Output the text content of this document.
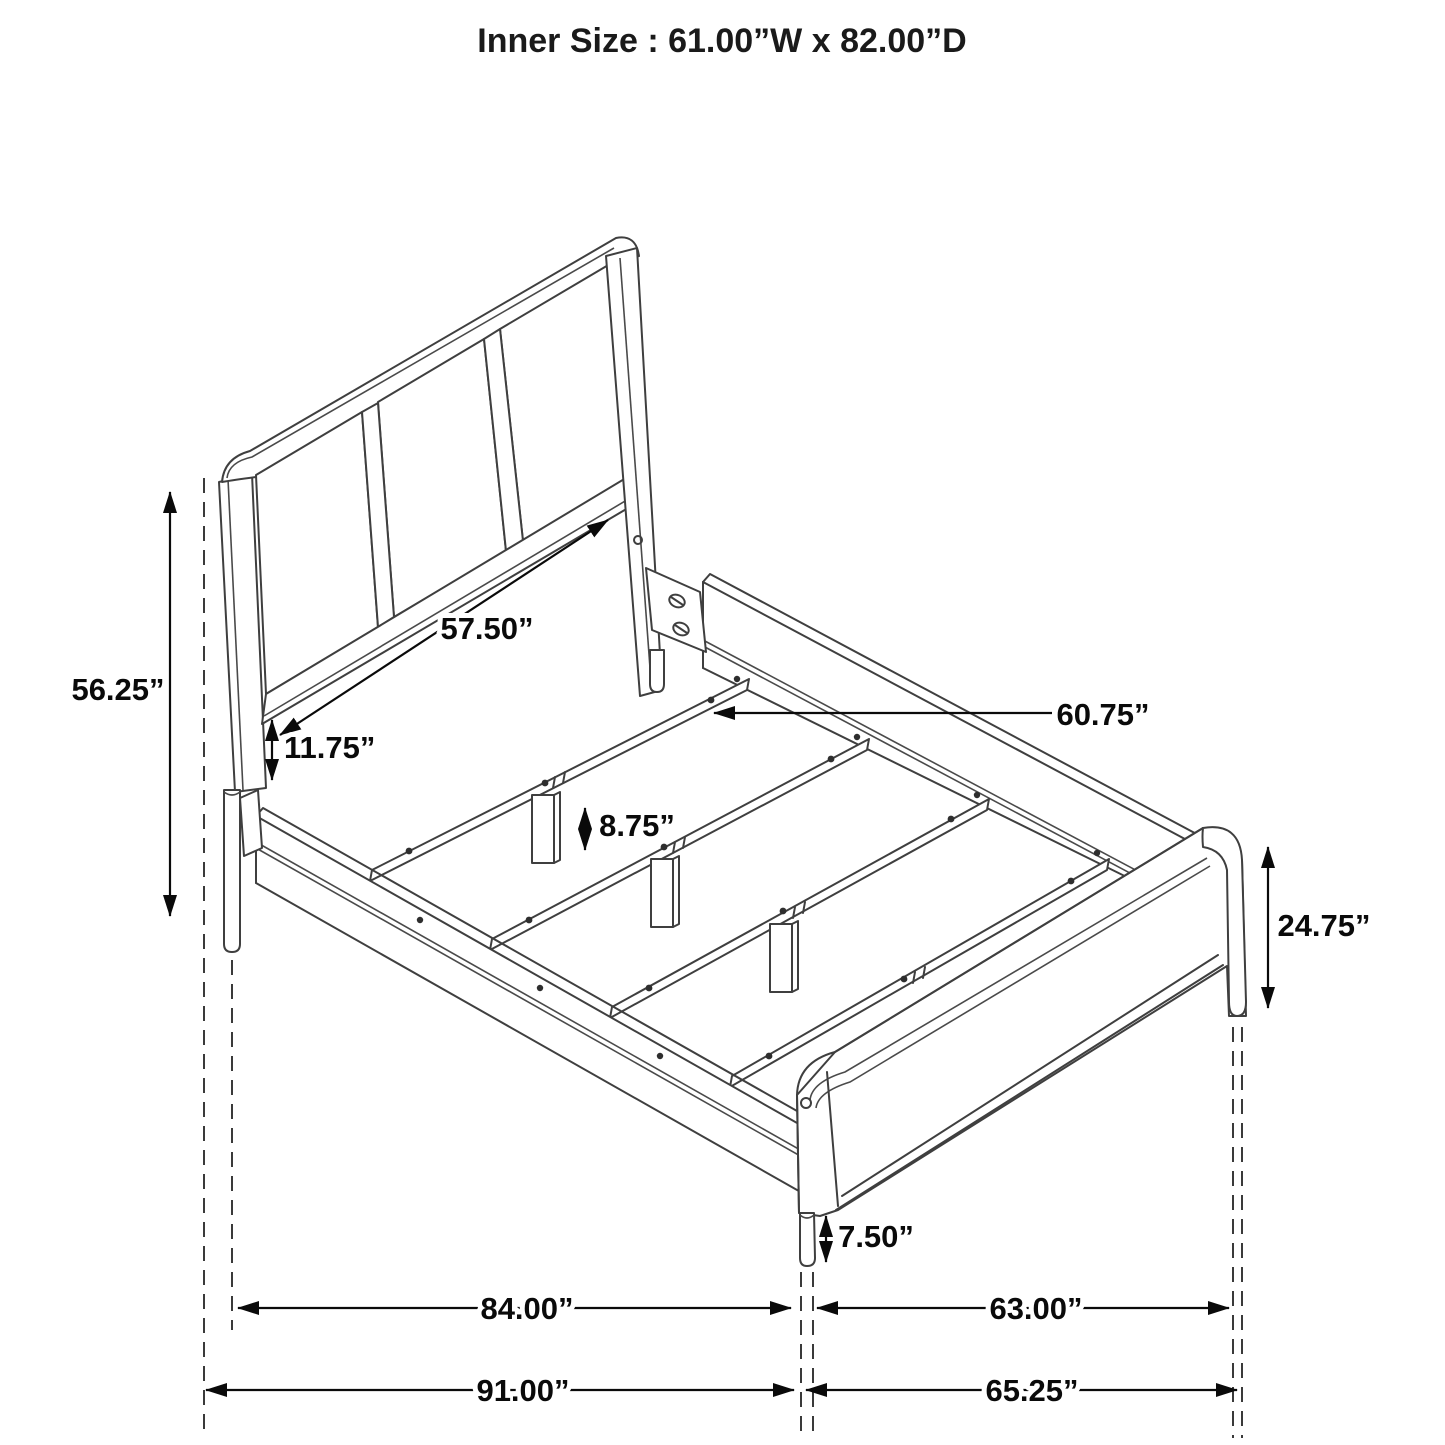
Inner Size : 61.00”W x 82.00”D
56.25”
57.50”
11.75”
60.75”
8.75”
24.75”
7.50”
84.00”	63.00”
91.00”	65.25”
